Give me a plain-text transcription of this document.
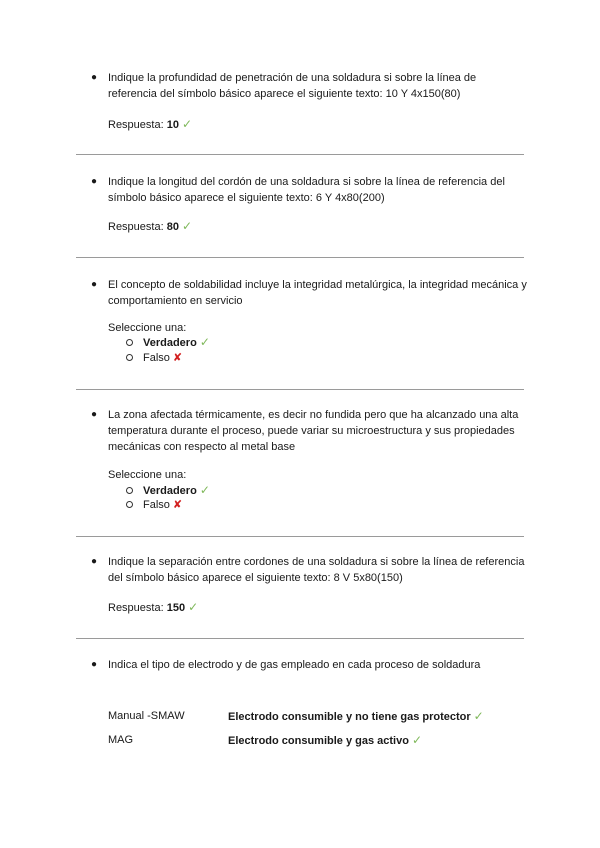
● Indique la profundidad de penetración de una soldadura si sobre la línea de referencia del símbolo básico aparece el siguiente texto: 10 Y 4x150(80)
Respuesta: 10 ✓
● Indique la longitud del cordón de una soldadura si sobre la línea de referencia del símbolo básico aparece el siguiente texto: 6 Y 4x80(200)
Respuesta: 80 ✓
● El concepto de soldabilidad incluye la integridad metalúrgica, la integridad mecánica y comportamiento en servicio
Seleccione una:
Verdadero ✓
Falso ✘
● La zona afectada térmicamente, es decir no fundida pero que ha alcanzado una alta temperatura durante el proceso, puede variar su microestructura y sus propiedades mecánicas con respecto al metal base
Seleccione una:
Verdadero ✓
Falso ✘
● Indique la separación entre cordones de una soldadura si sobre la línea de referencia del símbolo básico aparece el siguiente texto: 8 V 5x80(150)
Respuesta: 150 ✓
● Indica el tipo de electrodo y de gas empleado en cada proceso de soldadura
Manual -SMAW	Electrodo consumible y no tiene gas protector ✓
MAG	Electrodo consumible y gas activo ✓
